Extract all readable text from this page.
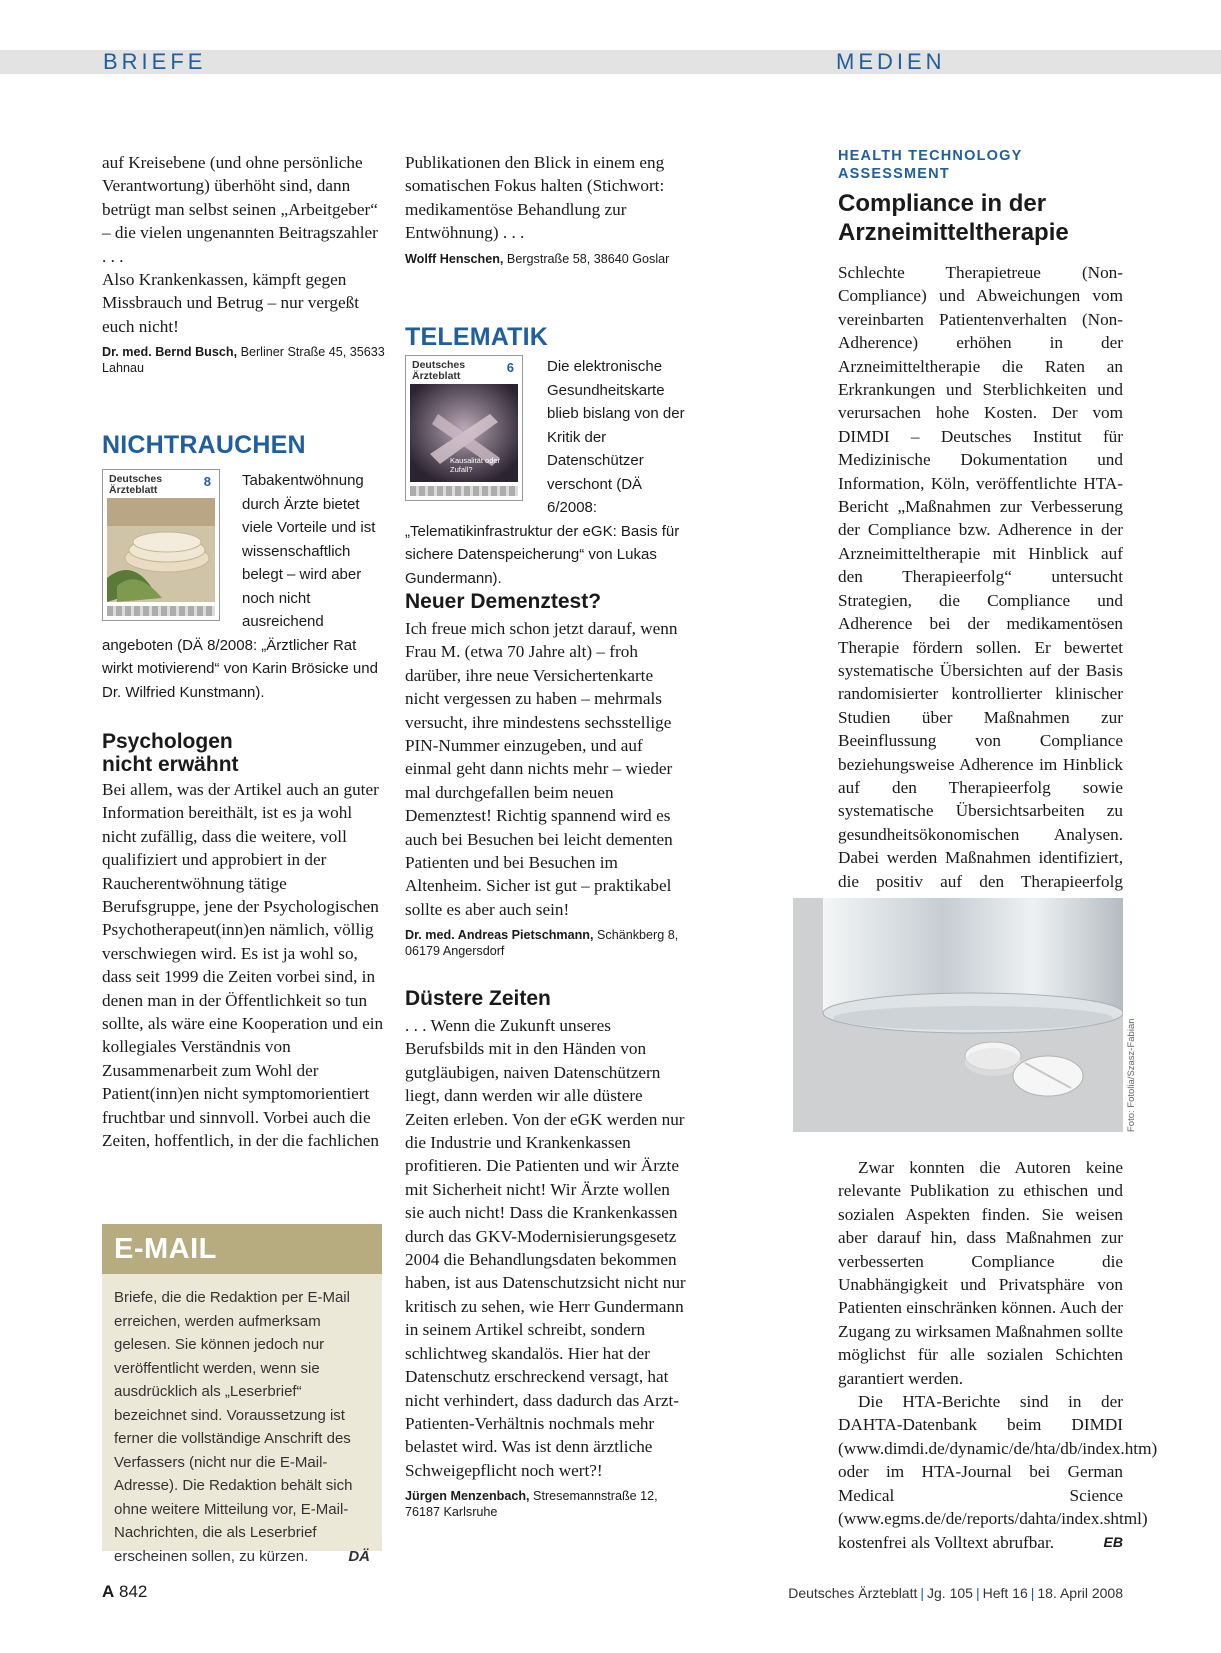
BRIEFE	MEDIEN

auf Kreisebene (und ohne persönliche Verantwortung) überhöht sind, dann betrügt man selbst seinen „Arbeitgeber“ – die vielen ungenannten Beitragszahler . . .

Also Krankenkassen, kämpft gegen Missbrauch und Betrug – nur vergeßt euch nicht!

Dr. med. Bernd Busch, Berliner Straße 45, 35633 Lahnau

NICHTRAUCHEN
Deutsches Ärzteblatt
8	Tabakentwöhnung durch Ärzte bietet viele Vorteile und ist wissenschaftlich belegt – wird aber noch nicht ausreichend angeboten (DÄ 8/2008: „Ärztlicher Rat wirkt motivierend“ von Karin Brösicke und Dr. Wilfried Kunstmann).

Psychologen nicht erwähnt

Bei allem, was der Artikel auch an guter Information bereithält, ist es ja wohl nicht zufällig, dass die weitere, voll qualifiziert und approbiert in der Raucherentwöhnung tätige Berufsgruppe, jene der Psychologischen Psychotherapeut(inn)en nämlich, völlig verschwiegen wird. Es ist ja wohl so, dass seit 1999 die Zeiten vorbei sind, in denen man in der Öffentlichkeit so tun sollte, als wäre eine Kooperation und ein kollegiales Verständnis von Zusammenarbeit zum Wohl der Patient(inn)en nicht symptomorientiert fruchtbar und sinnvoll. Vorbei auch die Zeiten, hoffentlich, in der die fachlichen

E-MAIL

Briefe, die die Redaktion per E-Mail erreichen, werden aufmerksam gelesen. Sie können jedoch nur veröffentlicht werden, wenn sie ausdrücklich als „Leserbrief“ bezeichnet sind. Voraussetzung ist ferner die vollständige Anschrift des Verfassers (nicht nur die E-Mail-Adresse). Die Redaktion behält sich ohne weitere Mitteilung vor, E-Mail-Nachrichten, die als Leserbrief erscheinen sollen, zu kürzen.	DÄ

Publikationen den Blick in einem eng somatischen Fokus halten (Stichwort: medikamentöse Behandlung zur Entwöhnung) . . .

Wolff Henschen, Bergstraße 58, 38640 Goslar

TELEMATIK
Deutsches Ärzteblatt
6
Kausalität oder Zufall?

Die elektronische Gesundheitskarte blieb bislang von der Kritik der Datenschützer verschont (DÄ 6/2008: „Telematikinfrastruktur der eGK: Basis für sichere Datenspeicherung“ von Lukas Gundermann).

Neuer Demenztest?

Ich freue mich schon jetzt darauf, wenn Frau M. (etwa 70 Jahre alt) – froh darüber, ihre neue Versichertenkarte nicht vergessen zu haben – mehrmals versucht, ihre mindestens sechsstellige PIN-Nummer einzugeben, und auf einmal geht dann nichts mehr – wieder mal durchgefallen beim neuen Demenztest! Richtig spannend wird es auch bei Besuchen bei leicht dementen Patienten und bei Besuchen im Altenheim. Sicher ist gut – praktikabel sollte es aber auch sein!

Dr. med. Andreas Pietschmann, Schänkberg 8, 06179 Angersdorf

Düstere Zeiten

. . . Wenn die Zukunft unseres Berufsbilds mit in den Händen von gutgläubigen, naiven Datenschützern liegt, dann werden wir alle düstere Zeiten erleben. Von der eGK werden nur die Industrie und Krankenkassen profitieren. Die Patienten und wir Ärzte mit Sicherheit nicht! Wir Ärzte wollen sie auch nicht! Dass die Krankenkassen durch das GKV-Modernisierungsgesetz 2004 die Behandlungsdaten bekommen haben, ist aus Datenschutzsicht nicht nur kritisch zu sehen, wie Herr Gundermann in seinem Artikel schreibt, sondern schlichtweg skandalös. Hier hat der Datenschutz erschreckend versagt, hat nicht verhindert, dass dadurch das Arzt-Patienten-Verhältnis nochmals mehr belastet wird. Was ist denn ärztliche Schweigepflicht noch wert?!

Jürgen Menzenbach, Stresemannstraße 12, 76187 Karlsruhe

HEALTH TECHNOLOGY ASSESSMENT

Compliance in der Arzneimitteltherapie

Schlechte Therapietreue (Non-Compliance) und Abweichungen vom vereinbarten Patientenverhalten (Non-Adherence) erhöhen in der Arzneimitteltherapie die Raten an Erkrankungen und Sterblichkeiten und verursachen hohe Kosten. Der vom DIMDI – Deutsches Institut für Medizinische Dokumentation und Information, Köln, veröffentlichte HTA-Bericht „Maßnahmen zur Verbesserung der Compliance bzw. Adherence in der Arzneimitteltherapie mit Hinblick auf den Therapieerfolg“ untersucht Strategien, die Compliance und Adherence bei der medikamentösen Therapie fördern sollen. Er bewertet systematische Übersichten auf der Basis randomisierter kontrollierter klinischer Studien über Maßnahmen zur Beeinflussung von Compliance beziehungsweise Adherence im Hinblick auf den Therapieerfolg sowie systematische Übersichtsarbeiten zu gesundheitsökonomischen Analysen. Dabei werden Maßnahmen identifiziert, die positiv auf den Therapieerfolg

Foto: Fotolia/Szasz-Fabian

Zwar konnten die Autoren keine relevante Publikation zu ethischen und sozialen Aspekten finden. Sie weisen aber darauf hin, dass Maßnahmen zur verbesserten Compliance die Unabhängigkeit und Privatsphäre von Patienten einschränken können. Auch der Zugang zu wirksamen Maßnahmen sollte möglichst für alle sozialen Schichten garantiert werden.

Die HTA-Berichte sind in der DAHTA-Datenbank beim DIMDI (www.dimdi.de/dynamic/de/hta/db/index.htm) oder im HTA-Journal bei German Medical Science (www.egms.de/de/reports/dahta/index.shtml) kostenfrei als Volltext abrufbar.	EB

A 842	Deutsches Ärzteblatt | Jg. 105 | Heft 16 | 18. April 2008
